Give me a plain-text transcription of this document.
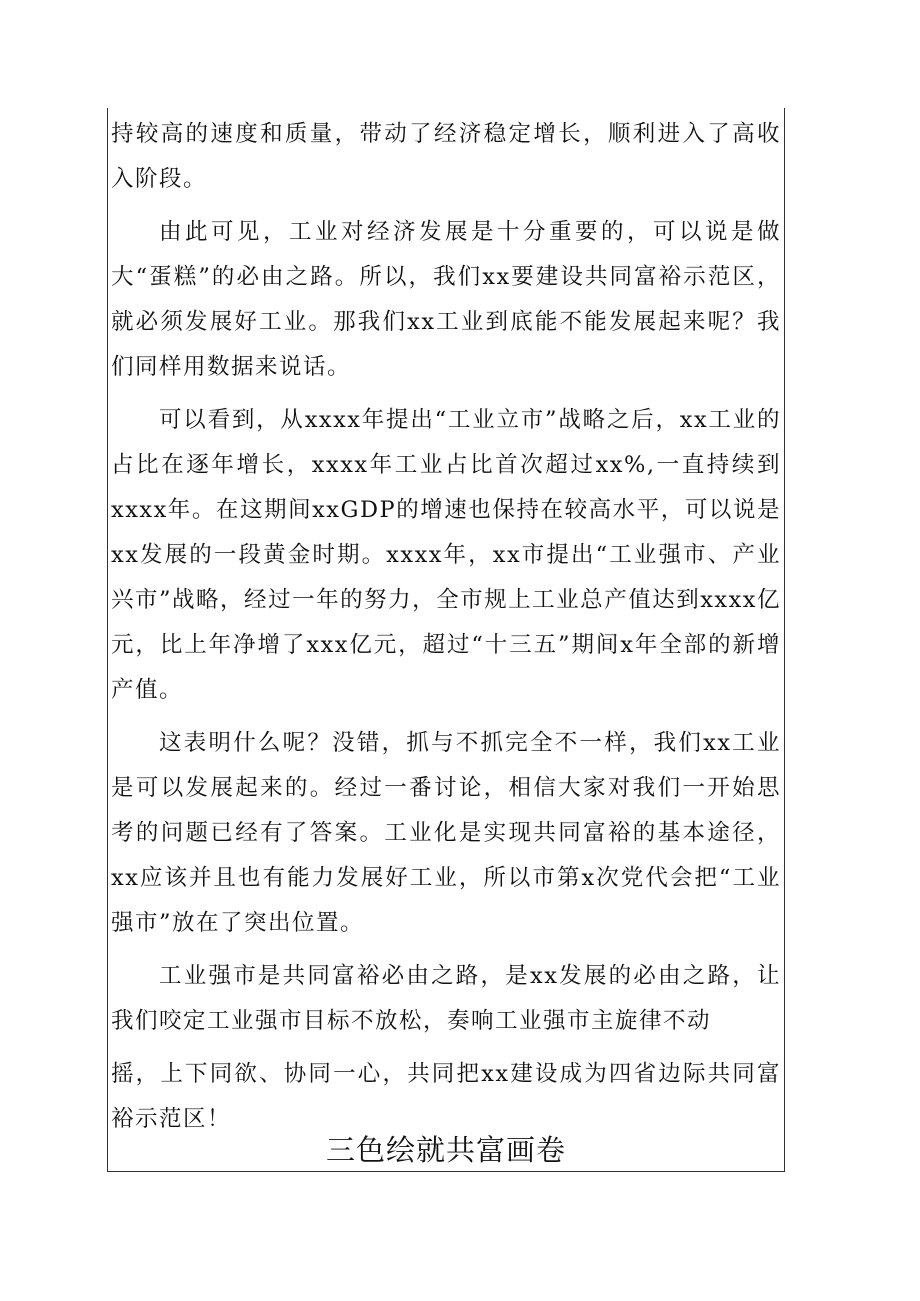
持较高的速度和质量，带动了经济稳定增长，顺利进入了高收入阶段。

由此可见，工业对经济发展是十分重要的，可以说是做大“蛋糕”的必由之路。所以，我们xx要建设共同富裕示范区，就必须发展好工业。那我们xx工业到底能不能发展起来呢？我们同样用数据来说话。

可以看到，从xxxx年提出“工业立市”战略之后，xx工业的占比在逐年增长，xxxx年工业占比首次超过xx%,一直持续到xxxx年。在这期间xxGDP的增速也保持在较高水平，可以说是xx发展的一段黄金时期。xxxx年，xx市提出“工业强市、产业兴市”战略，经过一年的努力，全市规上工业总产值达到xxxx亿元，比上年净增了xxx亿元，超过“十三五”期间x年全部的新增产值。

这表明什么呢？没错，抓与不抓完全不一样，我们xx工业是可以发展起来的。经过一番讨论，相信大家对我们一开始思考的问题已经有了答案。工业化是实现共同富裕的基本途径，xx应该并且也有能力发展好工业，所以市第x次党代会把“工业强市”放在了突出位置。

工业强市是共同富裕必由之路，是xx发展的必由之路，让我们咬定工业强市目标不放松，奏响工业强市主旋律不动

摇，上下同欲、协同一心，共同把xx建设成为四省边际共同富裕示范区！

三色绘就共富画卷
